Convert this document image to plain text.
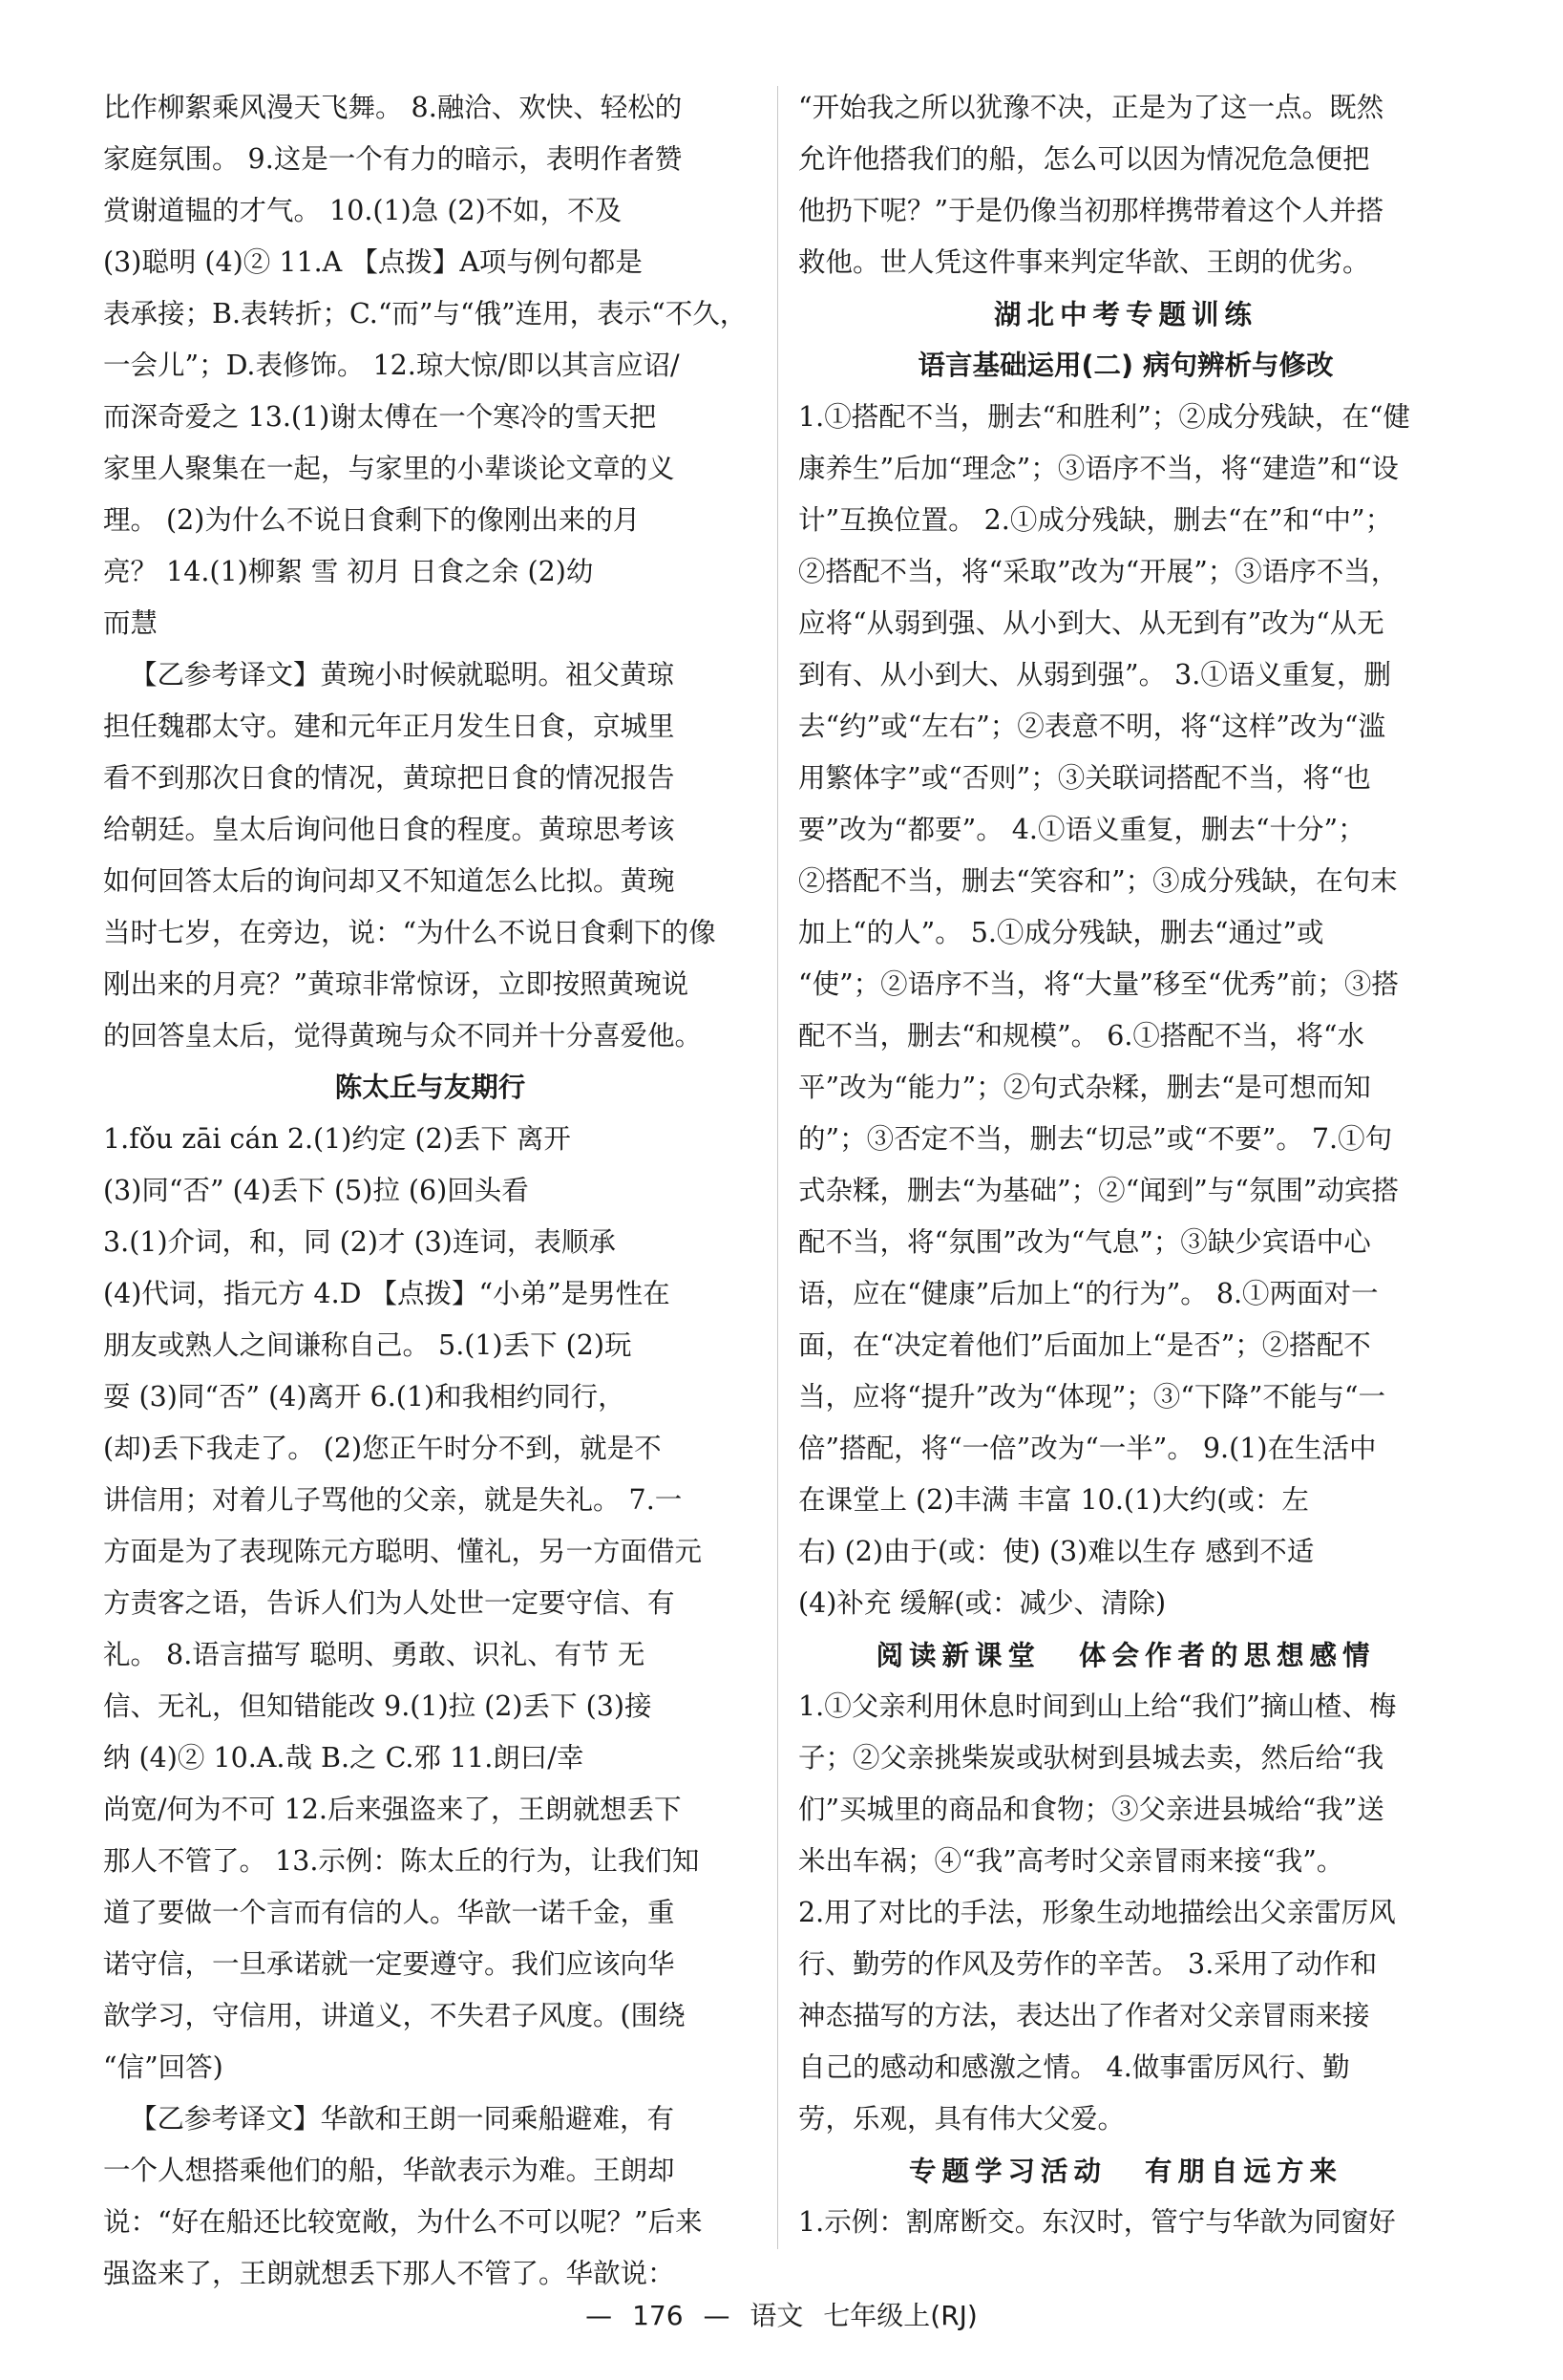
比作柳絮乘风漫天飞舞。 8.融洽、欢快、轻松的

家庭氛围。 9.这是一个有力的暗示，表明作者赞

赏谢道韫的才气。 10.(1)急 (2)不如，不及

(3)聪明 (4)② 11.A 【点拨】A项与例句都是

表承接；B.表转折；C.“而”与“俄”连用，表示“不久，

一会儿”；D.表修饰。 12.琼大惊/即以其言应诏/

而深奇爱之 13.(1)谢太傅在一个寒冷的雪天把

家里人聚集在一起，与家里的小辈谈论文章的义

理。 (2)为什么不说日食剩下的像刚出来的月

亮？ 14.(1)柳絮 雪 初月 日食之余 (2)幼

而慧

【乙参考译文】黄琬小时候就聪明。祖父黄琼

担任魏郡太守。建和元年正月发生日食，京城里

看不到那次日食的情况，黄琼把日食的情况报告

给朝廷。皇太后询问他日食的程度。黄琼思考该

如何回答太后的询问却又不知道怎么比拟。黄琬

当时七岁，在旁边，说：“为什么不说日食剩下的像

刚出来的月亮？”黄琼非常惊讶，立即按照黄琬说

的回答皇太后，觉得黄琬与众不同并十分喜爱他。

陈太丘与友期行

1.fǒu zāi cán 2.(1)约定 (2)丢下 离开

(3)同“否” (4)丢下 (5)拉 (6)回头看

3.(1)介词，和，同 (2)才 (3)连词，表顺承

(4)代词，指元方 4.D 【点拨】“小弟”是男性在

朋友或熟人之间谦称自己。 5.(1)丢下 (2)玩

耍 (3)同“否” (4)离开 6.(1)和我相约同行，

(却)丢下我走了。 (2)您正午时分不到，就是不

讲信用；对着儿子骂他的父亲，就是失礼。 7.一

方面是为了表现陈元方聪明、懂礼，另一方面借元

方责客之语，告诉人们为人处世一定要守信、有

礼。 8.语言描写 聪明、勇敢、识礼、有节 无

信、无礼，但知错能改 9.(1)拉 (2)丢下 (3)接

纳 (4)② 10.A.哉 B.之 C.邪 11.朗曰/幸

尚宽/何为不可 12.后来强盗来了，王朗就想丢下

那人不管了。 13.示例：陈太丘的行为，让我们知

道了要做一个言而有信的人。华歆一诺千金，重

诺守信，一旦承诺就一定要遵守。我们应该向华

歆学习，守信用，讲道义，不失君子风度。(围绕

“信”回答)

【乙参考译文】华歆和王朗一同乘船避难，有

一个人想搭乘他们的船，华歆表示为难。王朗却

说：“好在船还比较宽敞，为什么不可以呢？”后来

强盗来了，王朗就想丢下那人不管了。华歆说：

“开始我之所以犹豫不决，正是为了这一点。既然

允许他搭我们的船，怎么可以因为情况危急便把

他扔下呢？”于是仍像当初那样携带着这个人并搭

救他。世人凭这件事来判定华歆、王朗的优劣。

湖北中考专题训练

语言基础运用(二) 病句辨析与修改

1.①搭配不当，删去“和胜利”；②成分残缺，在“健

康养生”后加“理念”；③语序不当，将“建造”和“设

计”互换位置。 2.①成分残缺，删去“在”和“中”；

②搭配不当，将“采取”改为“开展”；③语序不当，

应将“从弱到强、从小到大、从无到有”改为“从无

到有、从小到大、从弱到强”。 3.①语义重复，删

去“约”或“左右”；②表意不明，将“这样”改为“滥

用繁体字”或“否则”；③关联词搭配不当，将“也

要”改为“都要”。 4.①语义重复，删去“十分”；

②搭配不当，删去“笑容和”；③成分残缺，在句末

加上“的人”。 5.①成分残缺，删去“通过”或

“使”；②语序不当，将“大量”移至“优秀”前；③搭

配不当，删去“和规模”。 6.①搭配不当，将“水

平”改为“能力”；②句式杂糅，删去“是可想而知

的”；③否定不当，删去“切忌”或“不要”。 7.①句

式杂糅，删去“为基础”；②“闻到”与“氛围”动宾搭

配不当，将“氛围”改为“气息”；③缺少宾语中心

语，应在“健康”后加上“的行为”。 8.①两面对一

面，在“决定着他们”后面加上“是否”；②搭配不

当，应将“提升”改为“体现”；③“下降”不能与“一

倍”搭配，将“一倍”改为“一半”。 9.(1)在生活中

在课堂上 (2)丰满 丰富 10.(1)大约(或：左

右) (2)由于(或：使) (3)难以生存 感到不适

(4)补充 缓解(或：减少、清除)

阅读新课堂 体会作者的思想感情

1.①父亲利用休息时间到山上给“我们”摘山楂、梅

子；②父亲挑柴炭或驮树到县城去卖，然后给“我

们”买城里的商品和食物；③父亲进县城给“我”送

米出车祸；④“我”高考时父亲冒雨来接“我”。

2.用了对比的手法，形象生动地描绘出父亲雷厉风

行、勤劳的作风及劳作的辛苦。 3.采用了动作和

神态描写的方法，表达出了作者对父亲冒雨来接

自己的感动和感激之情。 4.做事雷厉风行、勤

劳，乐观，具有伟大父爱。

专题学习活动 有朋自远方来

1.示例：割席断交。东汉时，管宁与华歆为同窗好

— 176 — 语文 七年级上(RJ)
